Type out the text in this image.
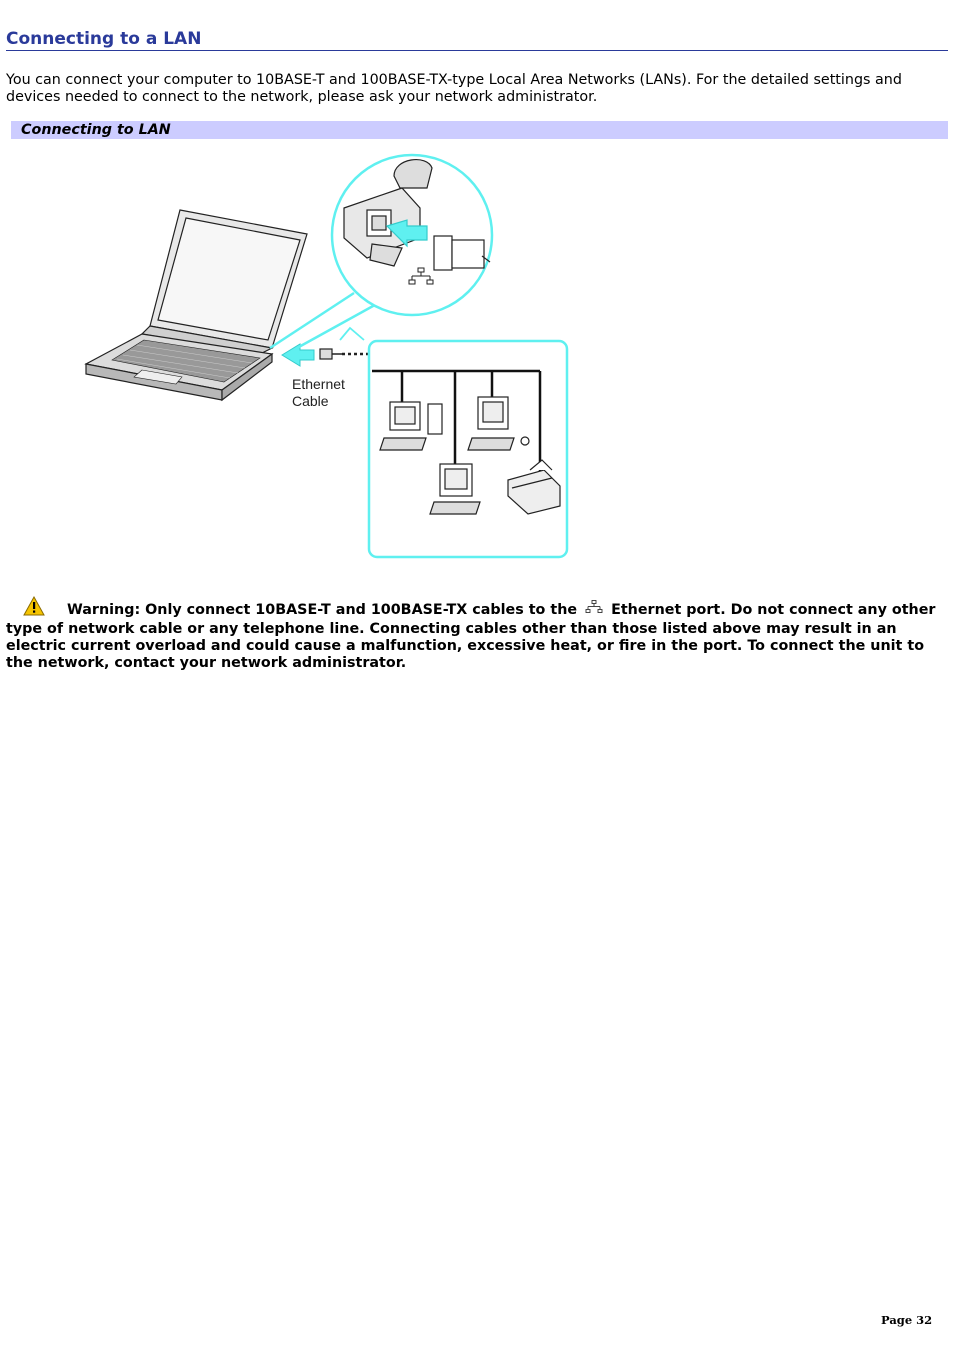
Connecting to a LAN

You can connect your computer to 10BASE-T and 100BASE-TX-type Local Area Networks (LANs). For the detailed settings and devices needed to connect to the network, please ask your network administrator.

Connecting to LAN
Ethernet
Cable

Warning: Only connect 10BASE-T and 100BASE-TX cables to the Ethernet port. Do not connect any other type of network cable or any telephone line. Connecting cables other than those listed above may result in an electric current overload and could cause a malfunction, excessive heat, or fire in the port. To connect the unit to the network, contact your network administrator.

Page 32
